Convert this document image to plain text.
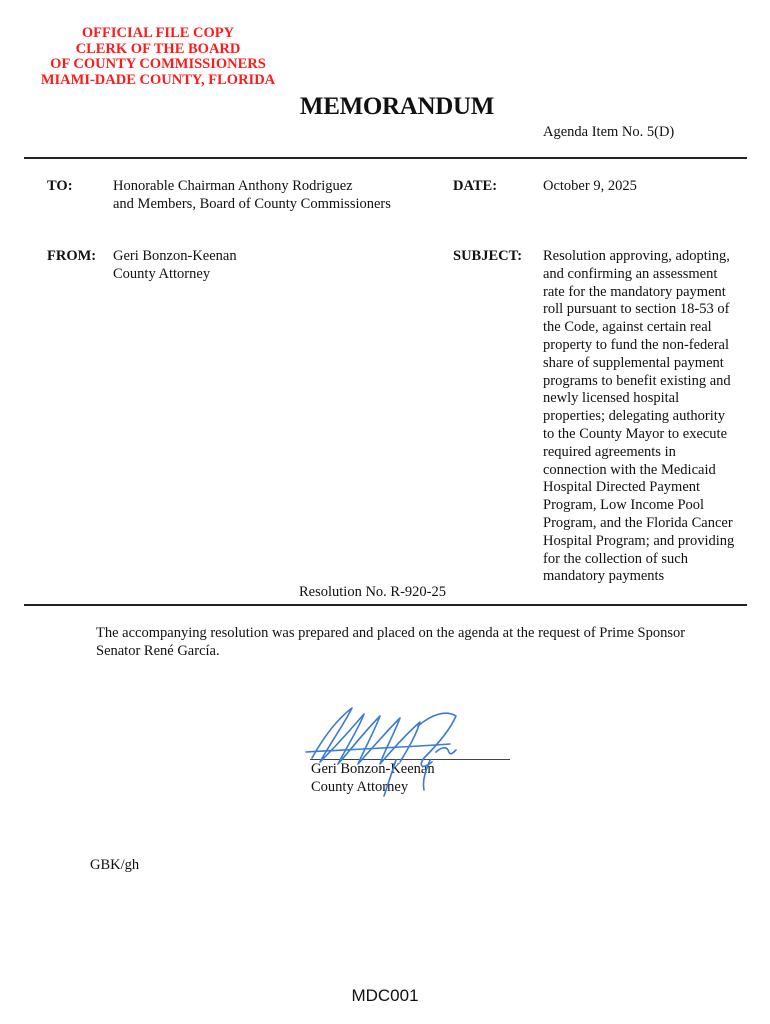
OFFICIAL FILE COPY
CLERK OF THE BOARD
OF COUNTY COMMISSIONERS
MIAMI-DADE COUNTY, FLORIDA
MEMORANDUM
Agenda Item No. 5(D)
TO:	Honorable Chairman Anthony Rodriguez
and Members, Board of County Commissioners
DATE:	October 9, 2025
FROM: Geri Bonzon-Keenan
County Attorney
SUBJECT: Resolution approving, adopting,
and confirming an assessment
rate for the mandatory payment
roll pursuant to section 18-53 of
the Code, against certain real
property to fund the non-federal
share of supplemental payment
programs to benefit existing and
newly licensed hospital
properties; delegating authority
to the County Mayor to execute
required agreements in
connection with the Medicaid
Hospital Directed Payment
Program, Low Income Pool
Program, and the Florida Cancer
Hospital Program; and providing
for the collection of such
mandatory payments
Resolution No. R-920-25
The accompanying resolution was prepared and placed on the agenda at the request of Prime Sponsor
Senator René García.
Geri Bonzon-Keenan
County Attorney
GBK/gh
MDC001
